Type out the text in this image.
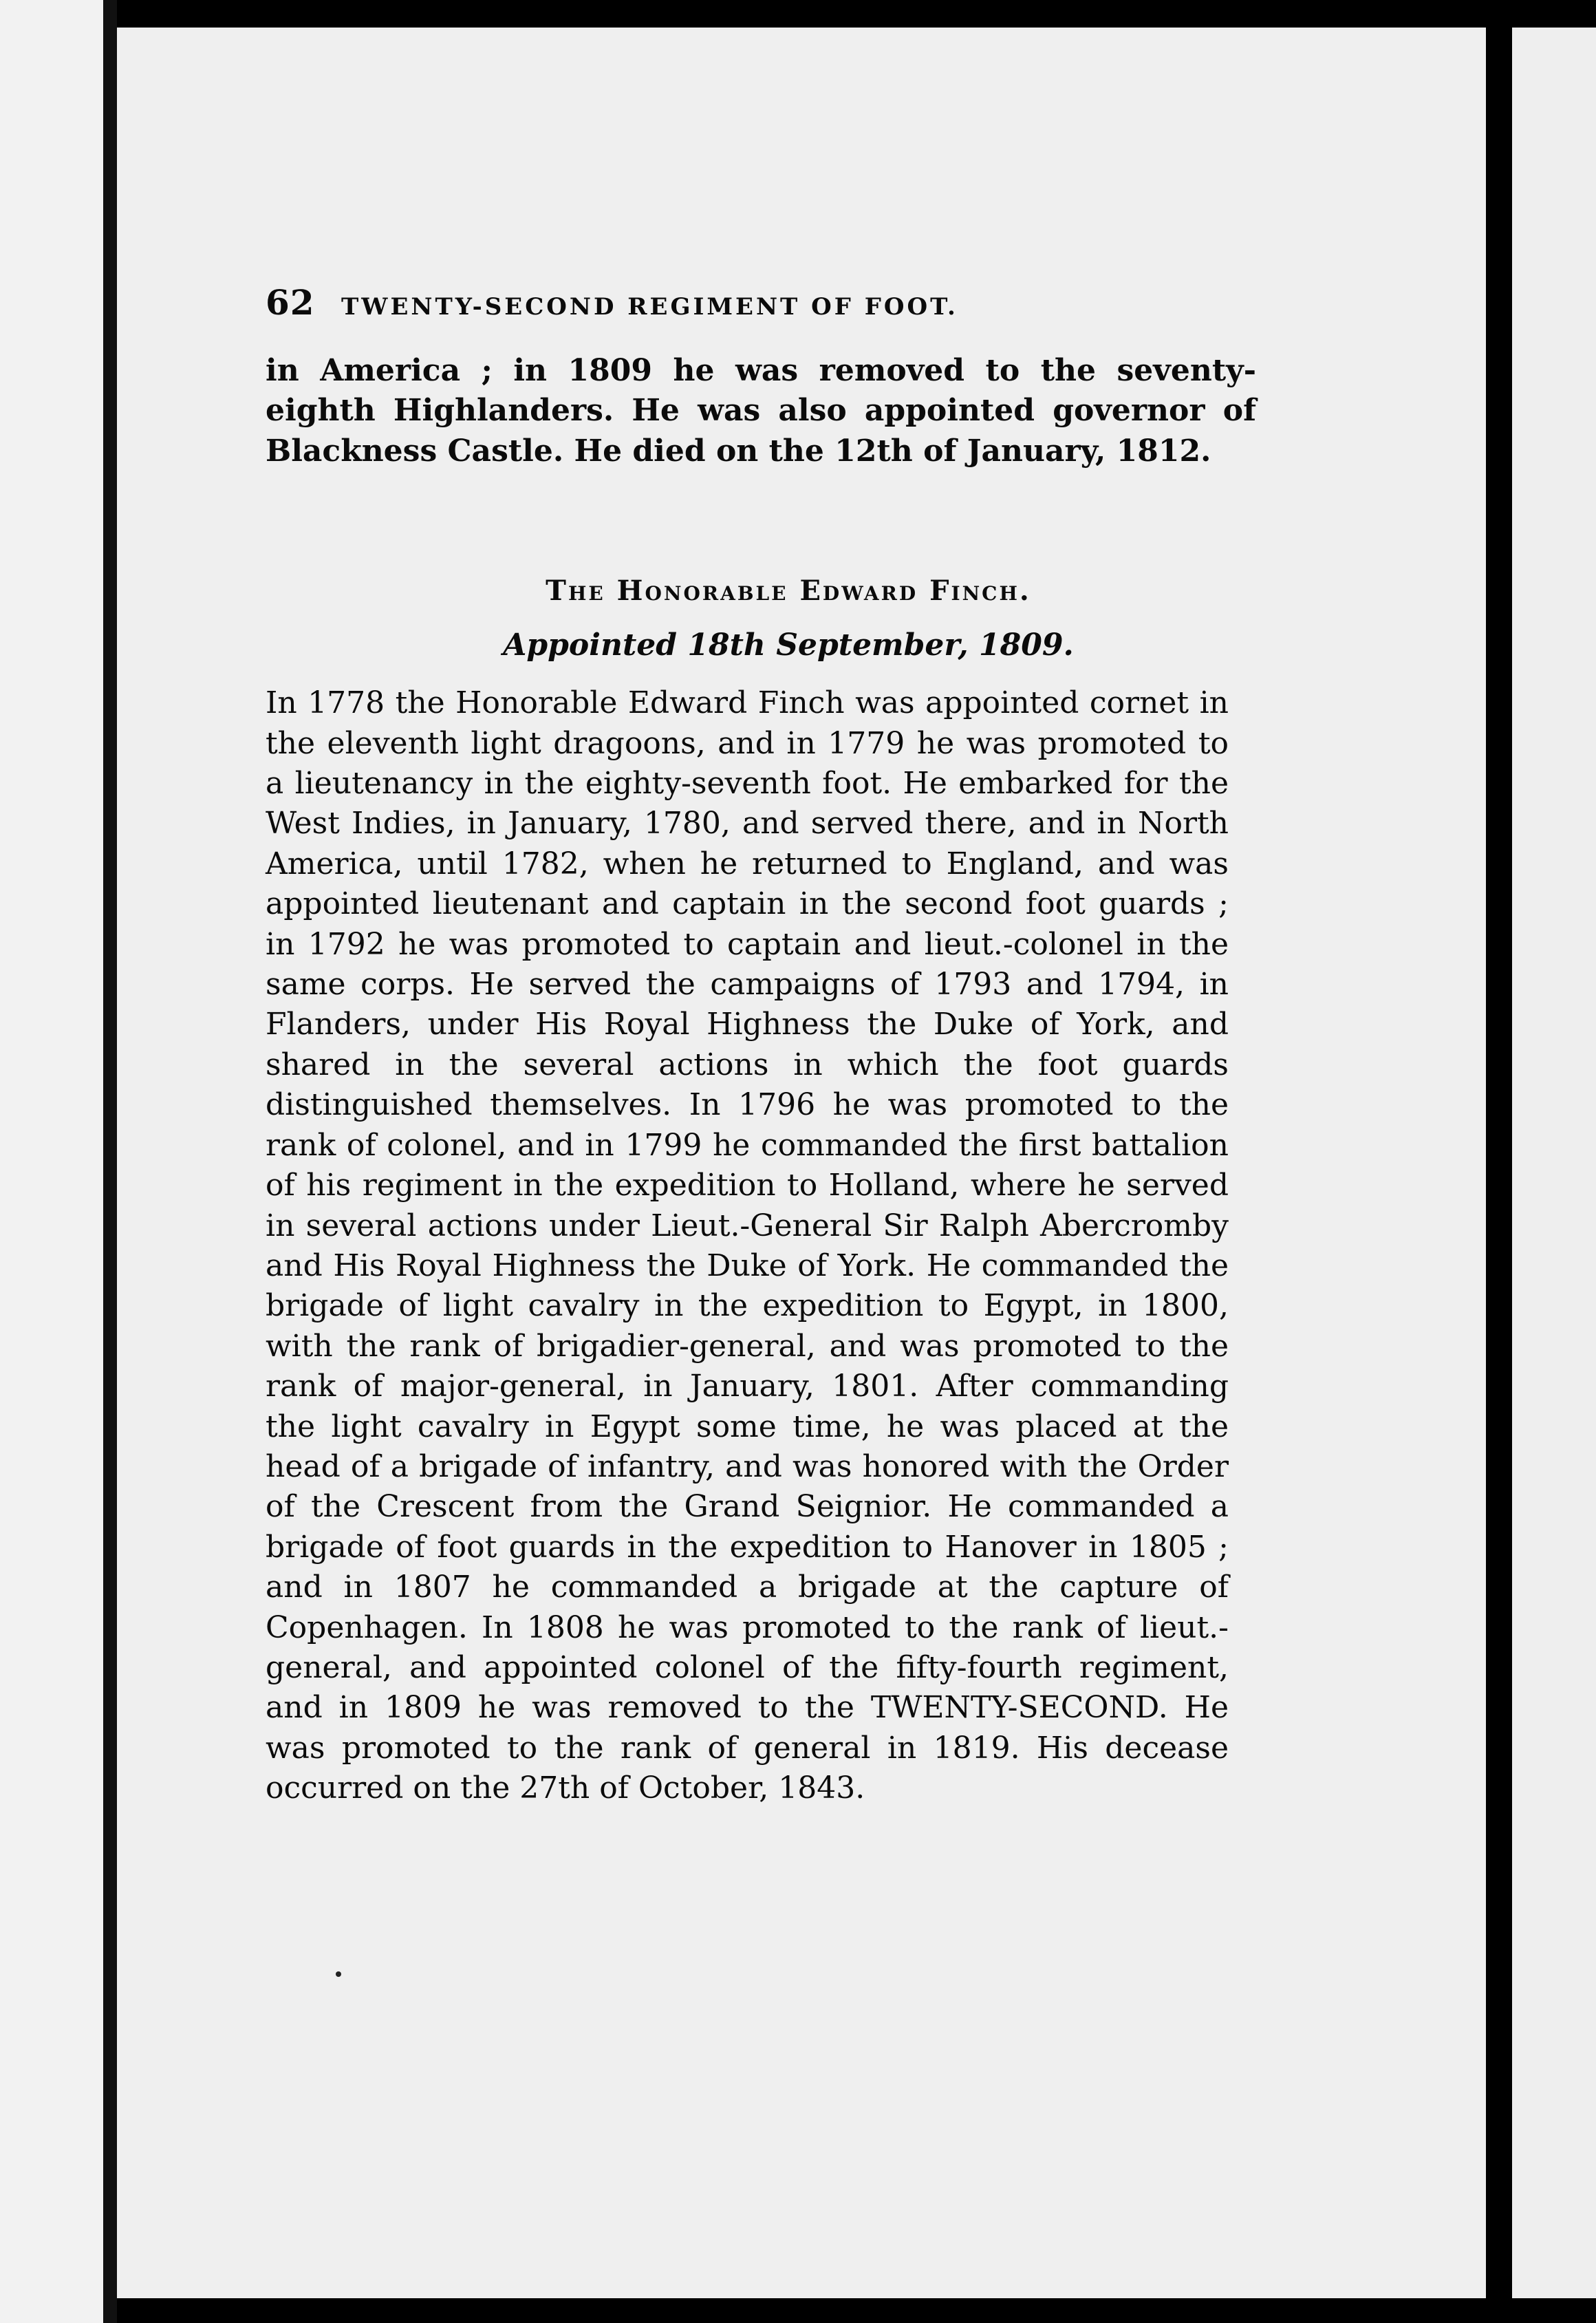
62	TWENTY-SECOND REGIMENT OF FOOT.

in America ; in 1809 he was removed to the seventy-eighth Highlanders. He was also appointed governor of Blackness Castle. He died on the 12th of January, 1812.

The Honorable Edward Finch.
Appointed 18th September, 1809.

In 1778 the Honorable Edward Finch was appointed cornet in the eleventh light dragoons, and in 1779 he was promoted to a lieutenancy in the eighty-seventh foot. He embarked for the West Indies, in January, 1780, and served there, and in North America, until 1782, when he returned to England, and was appointed lieutenant and captain in the second foot guards ; in 1792 he was promoted to captain and lieut.-colonel in the same corps. He served the campaigns of 1793 and 1794, in Flanders, under His Royal Highness the Duke of York, and shared in the several actions in which the foot guards distinguished themselves. In 1796 he was promoted to the rank of colonel, and in 1799 he commanded the first battalion of his regiment in the expedition to Holland, where he served in several actions under Lieut.-General Sir Ralph Abercromby and His Royal Highness the Duke of York. He commanded the brigade of light cavalry in the expedition to Egypt, in 1800, with the rank of brigadier-general, and was promoted to the rank of major-general, in January, 1801. After commanding the light cavalry in Egypt some time, he was placed at the head of a brigade of infantry, and was honored with the Order of the Crescent from the Grand Seignior. He commanded a brigade of foot guards in the expedition to Hanover in 1805 ; and in 1807 he commanded a brigade at the capture of Copenhagen. In 1808 he was promoted to the rank of lieut.-general, and appointed colonel of the fifty-fourth regiment, and in 1809 he was removed to the TWENTY-SECOND. He was promoted to the rank of general in 1819. His decease occurred on the 27th of October, 1843.
